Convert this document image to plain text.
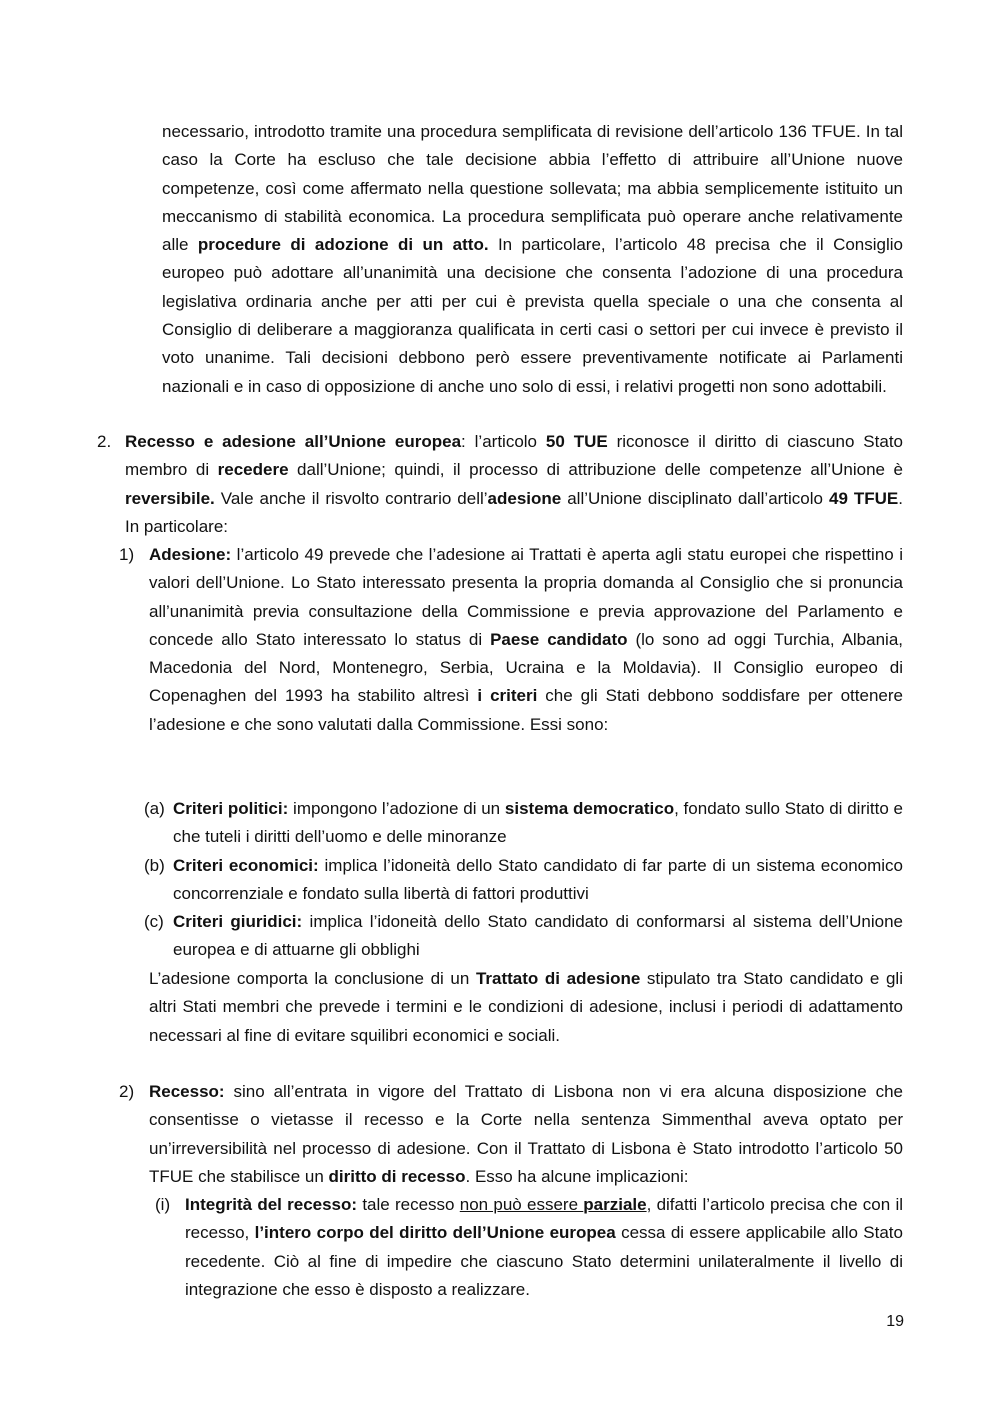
necessario, introdotto tramite una procedura semplificata di revisione dell’articolo 136 TFUE. In tal caso la Corte ha escluso che tale decisione abbia l’effetto di attribuire all’Unione nuove competenze, così come affermato nella questione sollevata; ma abbia semplicemente istituito un meccanismo di stabilità economica. La procedura semplificata può operare anche relativamente alle procedure di adozione di un atto. In particolare, l’articolo 48 precisa che il Consiglio europeo può adottare all’unanimità una decisione che consenta l’adozione di una procedura legislativa ordinaria anche per atti per cui è prevista quella speciale o una che consenta al Consiglio di deliberare a maggioranza qualificata in certi casi o settori per cui invece è previsto il voto unanime. Tali decisioni debbono però essere preventivamente notificate ai Parlamenti nazionali e in caso di opposizione di anche uno solo di essi, i relativi progetti non sono adottabili.

2. Recesso e adesione all’Unione europea: l’articolo 50 TUE riconosce il diritto di ciascuno Stato membro di recedere dall’Unione; quindi, il processo di attribuzione delle competenze all’Unione è reversibile. Vale anche il risvolto contrario dell’adesione all’Unione disciplinato dall’articolo 49 TFUE. In particolare:

1) Adesione: l’articolo 49 prevede che l’adesione ai Trattati è aperta agli statu europei che rispettino i valori dell’Unione. Lo Stato interessato presenta la propria domanda al Consiglio che si pronuncia all’unanimità previa consultazione della Commissione e previa approvazione del Parlamento e concede allo Stato interessato lo status di Paese candidato (lo sono ad oggi Turchia, Albania, Macedonia del Nord, Montenegro, Serbia, Ucraina e la Moldavia). Il Consiglio europeo di Copenaghen del 1993 ha stabilito altresì i criteri che gli Stati debbono soddisfare per ottenere l’adesione e che sono valutati dalla Commissione. Essi sono:

(a) Criteri politici: impongono l’adozione di un sistema democratico, fondato sullo Stato di diritto e che tuteli i diritti dell’uomo e delle minoranze

(b) Criteri economici: implica l’idoneità dello Stato candidato di far parte di un sistema economico concorrenziale e fondato sulla libertà di fattori produttivi

(c) Criteri giuridici: implica l’idoneità dello Stato candidato di conformarsi al sistema dell’Unione europea e di attuarne gli obblighi

L’adesione comporta la conclusione di un Trattato di adesione stipulato tra Stato candidato e gli altri Stati membri che prevede i termini e le condizioni di adesione, inclusi i periodi di adattamento necessari al fine di evitare squilibri economici e sociali.

2) Recesso: sino all’entrata in vigore del Trattato di Lisbona non vi era alcuna disposizione che consentisse o vietasse il recesso e la Corte nella sentenza Simmenthal aveva optato per un’irreversibilità nel processo di adesione. Con il Trattato di Lisbona è Stato introdotto l’articolo 50 TFUE che stabilisce un diritto di recesso. Esso ha alcune implicazioni:

(i) Integrità del recesso: tale recesso non può essere parziale, difatti l’articolo precisa che con il recesso, l’intero corpo del diritto dell’Unione europea cessa di essere applicabile allo Stato recedente. Ciò al fine di impedire che ciascuno Stato determini unilateralmente il livello di integrazione che esso è disposto a realizzare.

19
